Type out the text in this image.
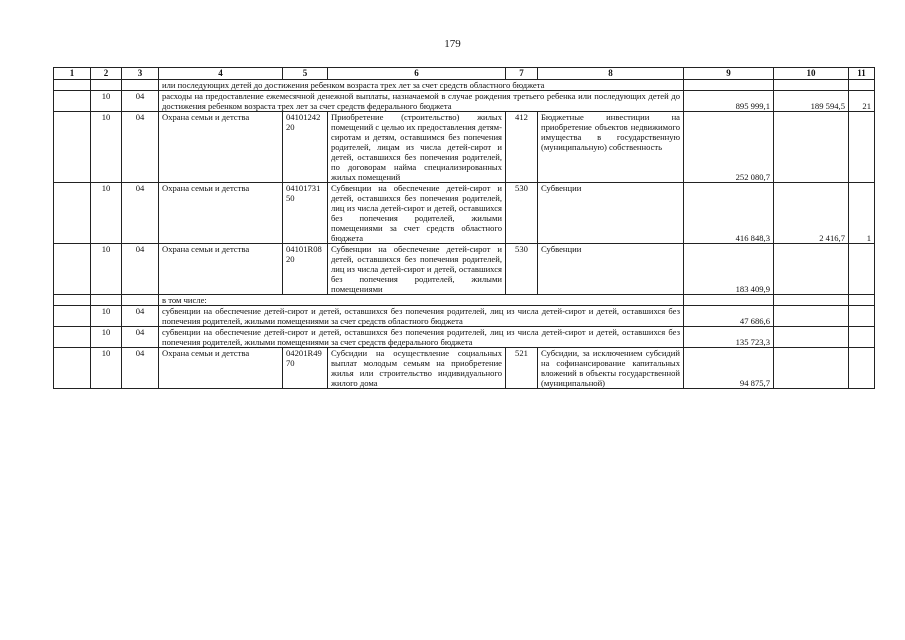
179
1	2	3	4	5	6	7	8	9	10	11
			или последующих детей до достижения ребенком возраста трех лет за счет средств областного бюджета							
	10	04	расходы на предоставление ежемесячной денежной выплаты, назначаемой в случае рождения третьего ребенка или последующих детей до достижения ребенком возраста трех лет за счет средств федерального бюджета					895 999,1	189 594,5	21
	10	04	Охрана семьи и детства	0410124220	Приобретение (строительство) жилых помещений с целью их предоставления детям-сиротам и детям, оставшимся без попечения родителей, лицам из числа детей-сирот и детей, оставшихся без попечения родителей, по договорам найма специализированных жилых помещений	412	Бюджетные инвестиции на приобретение объектов недвижимого имущества в государственную (муниципальную) собственность	252 080,7		
	10	04	Охрана семьи и детства	0410173150	Субвенции на обеспечение детей-сирот и детей, оставшихся без попечения родителей, лиц из числа детей-сирот и детей, оставшихся без попечения родителей, жилыми помещениями за счет средств областного бюджета	530	Субвенции	416 848,3	2 416,7	1
	10	04	Охрана семьи и детства	04101R0820	Субвенции на обеспечение детей-сирот и детей, оставшихся без попечения родителей, лиц из числа детей-сирот и детей, оставшихся без попечения родителей, жилыми помещениями	530	Субвенции	183 409,9		
			в том числе:							
	10	04	субвенции на обеспечение детей-сирот и детей, оставшихся без попечения родителей, лиц из числа детей-сирот и детей, оставшихся без попечения родителей, жилыми помещениями за счет средств областного бюджета					47 686,6		
	10	04	субвенции на обеспечение детей-сирот и детей, оставшихся без попечения родителей, лиц из числа детей-сирот и детей, оставшихся без попечения родителей, жилыми помещениями за счет средств федерального бюджета					135 723,3		
	10	04	Охрана семьи и детства	04201R4970	Субсидии на осуществление социальных выплат молодым семьям на приобретение жилья или строительство индивидуального жилого дома	521	Субсидии, за исключением субсидий на софинансирование капитальных вложений в объекты государственной (муниципальной)	94 875,7		
